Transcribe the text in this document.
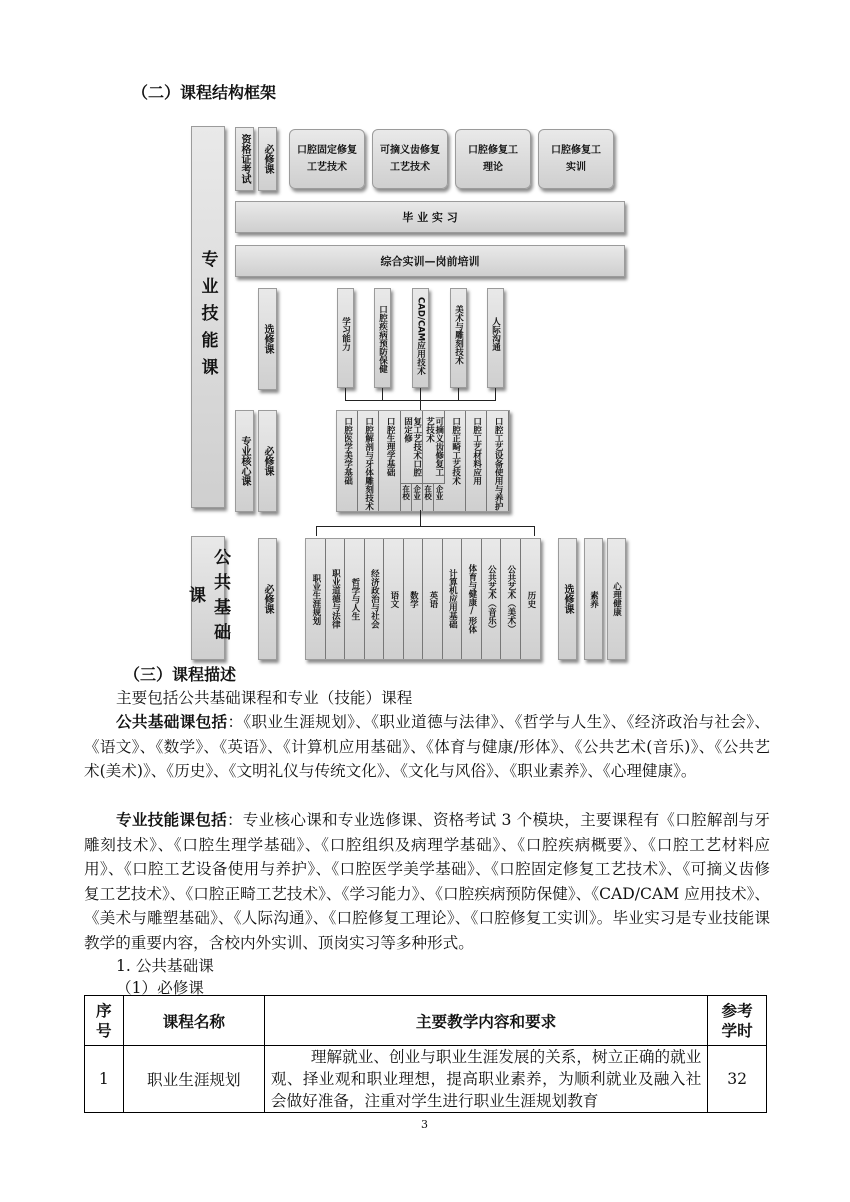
（二）课程结构框架
专业技能课
公共基础课
资格证考试 必修课 口腔固定修复工艺技术
可摘义齿修复工艺技术
口腔修复工理论
口腔修复工实训
毕 业 实 习
综合实训—岗前培训
选修课	学习能力	口腔疾病预防保健	CAD/CAM应用技术	美术与雕刻技术	人际沟通
专业核心课 必修课	口腔医学美学基础 口腔解剖与牙体雕刻技术 口腔生理学基础	复工艺技术口腔固定修	可摘义齿修复工艺技术	口腔正畸工艺技术 口腔工艺材料应用 口腔工艺设备使用与养护
在校 企业 在校 企业
必修课	职业生涯规划 职业道德与法律 哲学与人生 经济政治与社会 语文 数学 英语 计算机应用基础 体育与健康/形体 公共艺术（音乐） 公共艺术（美术） 历史	选修课 素养 心理健康
（三）课程描述
主要包括公共基础课程和专业（技能）课程
公共基础课包括：《职业生涯规划》、《职业道德与法律》、《哲学与人生》、《经济政治与社会》、《语文》、《数学》、《英语》、《计算机应用基础》、《体育与健康/形体》、《公共艺术(音乐)》、《公共艺术(美术)》、《历史》、《文明礼仪与传统文化》、《文化与风俗》、《职业素养》、《心理健康》。
专业技能课包括：专业核心课和专业选修课、资格考试 3 个模块，主要课程有《口腔解剖与牙雕刻技术》、《口腔生理学基础》、《口腔组织及病理学基础》、《口腔疾病概要》、《口腔工艺材料应用》、《口腔工艺设备使用与养护》、《口腔医学美学基础》、《口腔固定修复工艺技术》、《可摘义齿修复工艺技术》、《口腔正畸工艺技术》、《学习能力》、《口腔疾病预防保健》、《CAD/CAM 应用技术》、《美术与雕塑基础》、《人际沟通》、《口腔修复工理论》、《口腔修复工实训》。毕业实习是专业技能课教学的重要内容，含校内外实训、顶岗实习等多种形式。
1. 公共基础课
（1）必修课
序号	课程名称	主要教学内容和要求	参考学时

1	职业生涯规划	理解就业、创业与职业生涯发展的关系，树立正确的就业观、择业观和职业理想，提高职业素养，为顺利就业及融入社会做好准备，注重对学生进行职业生涯规划教育	32
3
